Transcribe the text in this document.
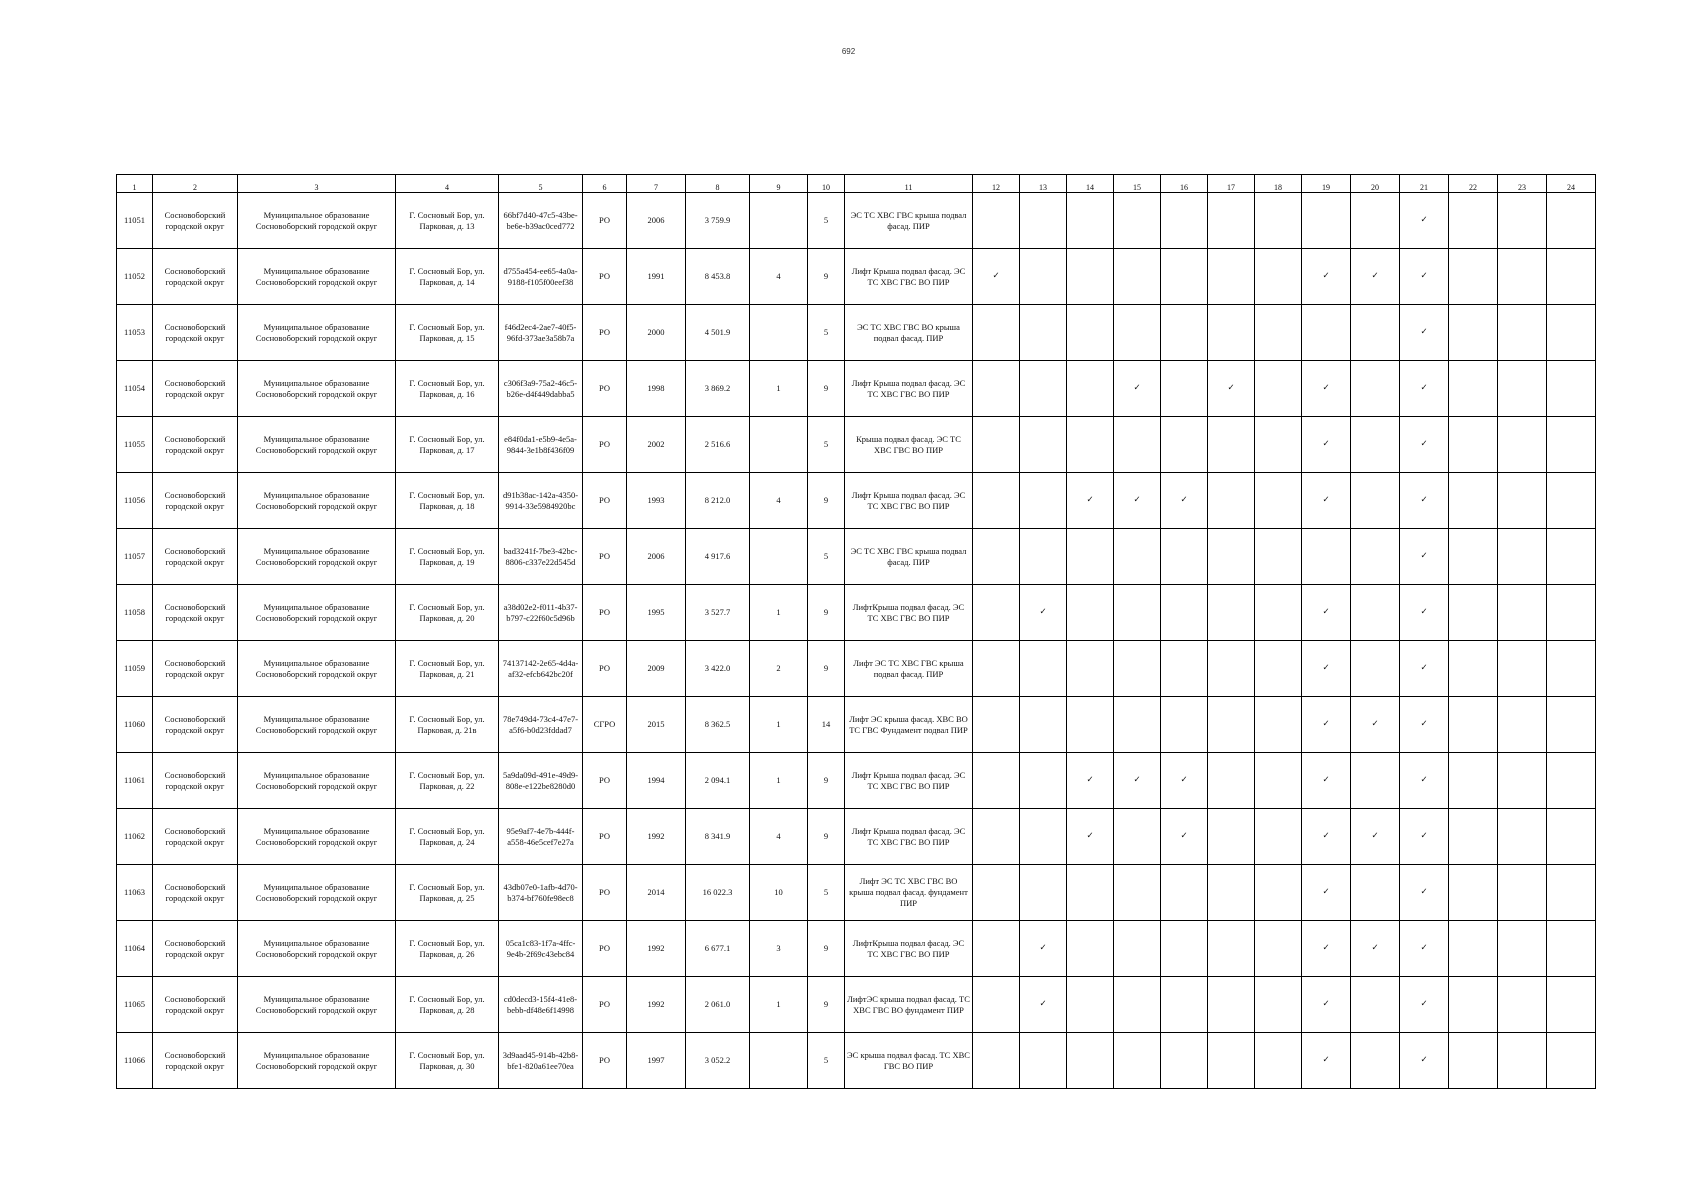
692
1	2	3	4	5	6	7	8	9	10	11	12	13	14	15	16	17	18	19	20	21	22	23	24
11051	Сосновоборский городской округ	Муниципальное образование Сосновоборский городской округ	Г. Сосновый Бор, ул. Парковая, д. 13	66bf7d40-47c5-43be-be6e-b39ac0ced772	РО	2006	3 759.9		5	ЭС ТС ХВС ГВС крыша подвал фасад. ПИР										✓			
11052	Сосновоборский городской округ	Муниципальное образование Сосновоборский городской округ	Г. Сосновый Бор, ул. Парковая, д. 14	d755a454-ee65-4a0a-9188-f105f00eef38	РО	1991	8 453.8	4	9	Лифт Крыша подвал фасад. ЭС ТС ХВС ГВС ВО ПИР	✓							✓	✓	✓			
11053	Сосновоборский городской округ	Муниципальное образование Сосновоборский городской округ	Г. Сосновый Бор, ул. Парковая, д. 15	f46d2ec4-2ae7-40f5-96fd-373ae3a58b7a	РО	2000	4 501.9		5	ЭС ТС ХВС ГВС ВО крыша подвал фасад. ПИР										✓			
11054	Сосновоборский городской округ	Муниципальное образование Сосновоборский городской округ	Г. Сосновый Бор, ул. Парковая, д. 16	c306f3a9-75a2-46c5-b26e-d4f449dabba5	РО	1998	3 869.2	1	9	Лифт Крыша подвал фасад. ЭС ТС ХВС ГВС ВО ПИР				✓		✓		✓		✓			
11055	Сосновоборский городской округ	Муниципальное образование Сосновоборский городской округ	Г. Сосновый Бор, ул. Парковая, д. 17	e84f0da1-e5b9-4e5a-9844-3e1b8f436f09	РО	2002	2 516.6		5	Крыша подвал фасад. ЭС ТС ХВС ГВС ВО ПИР								✓		✓			
11056	Сосновоборский городской округ	Муниципальное образование Сосновоборский городской округ	Г. Сосновый Бор, ул. Парковая, д. 18	d91b38ac-142a-4350-9914-33e5984920bc	РО	1993	8 212.0	4	9	Лифт Крыша подвал фасад. ЭС ТС ХВС ГВС ВО ПИР			✓	✓	✓			✓		✓			
11057	Сосновоборский городской округ	Муниципальное образование Сосновоборский городской округ	Г. Сосновый Бор, ул. Парковая, д. 19	bad3241f-7be3-42bc-8806-c337e22d545d	РО	2006	4 917.6		5	ЭС ТС ХВС ГВС крыша подвал фасад. ПИР										✓			
11058	Сосновоборский городской округ	Муниципальное образование Сосновоборский городской округ	Г. Сосновый Бор, ул. Парковая, д. 20	a38d02e2-f011-4b37-b797-c22f60c5d96b	РО	1995	3 527.7	1	9	ЛифтКрыша подвал фасад. ЭС ТС ХВС ГВС ВО ПИР		✓						✓		✓			
11059	Сосновоборский городской округ	Муниципальное образование Сосновоборский городской округ	Г. Сосновый Бор, ул. Парковая, д. 21	74137142-2e65-4d4a-af32-efcb642bc20f	РО	2009	3 422.0	2	9	Лифт ЭС ТС ХВС ГВС крыша подвал фасад. ПИР								✓		✓			
11060	Сосновоборский городской округ	Муниципальное образование Сосновоборский городской округ	Г. Сосновый Бор, ул. Парковая, д. 21в	78e749d4-73c4-47e7-a5f6-b0d23fddad7	СГРО	2015	8 362.5	1	14	Лифт ЭС крыша фасад. ХВС ВО ТС ГВС Фундамент подвал ПИР								✓	✓	✓			
11061	Сосновоборский городской округ	Муниципальное образование Сосновоборский городской округ	Г. Сосновый Бор, ул. Парковая, д. 22	5a9da09d-491e-49d9-808e-e122be8280d0	РО	1994	2 094.1	1	9	Лифт Крыша подвал фасад. ЭС ТС ХВС ГВС ВО ПИР			✓	✓	✓			✓		✓			
11062	Сосновоборский городской округ	Муниципальное образование Сосновоборский городской округ	Г. Сосновый Бор, ул. Парковая, д. 24	95e9af7-4e7b-444f-a558-46e5cef7e27a	РО	1992	8 341.9	4	9	Лифт Крыша подвал фасад. ЭС ТС ХВС ГВС ВО ПИР			✓		✓			✓	✓	✓			
11063	Сосновоборский городской округ	Муниципальное образование Сосновоборский городской округ	Г. Сосновый Бор, ул. Парковая, д. 25	43db07e0-1afb-4d70-b374-bf760fe98ec8	РО	2014	16 022.3	10	5	Лифт ЭС ТС ХВС ГВС ВО крыша подвал фасад. фундамент ПИР								✓		✓			
11064	Сосновоборский городской округ	Муниципальное образование Сосновоборский городской округ	Г. Сосновый Бор, ул. Парковая, д. 26	05ca1c83-1f7a-4ffc-9e4b-2f69c43ebc84	РО	1992	6 677.1	3	9	ЛифтКрыша подвал фасад. ЭС ТС ХВС ГВС ВО ПИР		✓						✓	✓	✓			
11065	Сосновоборский городской округ	Муниципальное образование Сосновоборский городской округ	Г. Сосновый Бор, ул. Парковая, д. 28	cd0decd3-15f4-41e8-bebb-df48e6f14998	РО	1992	2 061.0	1	9	ЛифтЭС крыша подвал фасад. ТС ХВС ГВС ВО фундамент ПИР		✓						✓		✓			
11066	Сосновоборский городской округ	Муниципальное образование Сосновоборский городской округ	Г. Сосновый Бор, ул. Парковая, д. 30	3d9aad45-914b-42b8-bfe1-820a61ee70ea	РО	1997	3 052.2		5	ЭС крыша подвал фасад. ТС ХВС ГВС ВО ПИР								✓		✓			
